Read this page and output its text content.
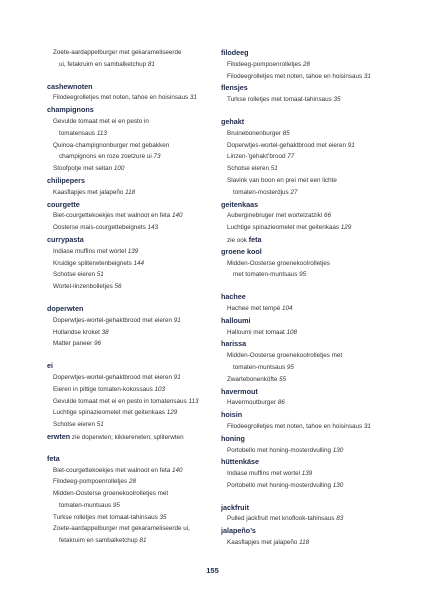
Zoete-aardappelburger met gekarameliseerde
ui, fetakruim en sambalketchup 81
cashewnoten
Filodeegrolletjes met noten, tahoe en hoisinsaus 31
champignons
Gevulde tomaat met ei en pesto in
tomatensaus 113
Quinoa-champignonburger met gebakken
champignons en roze zoetzure ui 73
Stoofpotje met seitan 100
chilipepers
Kaasflapjes met jalapeño 118
courgette
Biet-courgettekoekjes met walnoot en feta 140
Oosterse mais-courgettebeignets 143
currypasta
Indiase muffins met wortel 139
Kruidige spliterwtenbeignets 144
Schotse eieren 51
Wortel-linzenbolletjes 56
doperwten
Doperwtjes-wortel-gehaktbrood met eieren 91
Hollandse kroket 38
Matter paneer 96
ei
Doperwtjes-wortel-gehaktbrood met eieren 91
Eieren in pittige tomaten-kokossaus 103
Gevulde tomaat met ei en pesto in tomatensaus 113
Luchtige spinazieomelet met geitenkaas 129
Schotse eieren 51
erwten zie doperwten; kikkererwten; spliterwten
feta
Biet-courgettekoekjes met walnoot en feta 140
Filodeeg-pompoenrolletjes 28
Midden-Oosterse groenekoolrolletjes met
tomaten-muntsaus 95
Turkse rolletjes met tomaat-tahinsaus 35
Zoete-aardappelburger met gekarameliseerde ui,
fetakruim en sambalketchup 81
filodeeg
Filodeeg-pompoenrolletjes 28
Filodeegrolletjes met noten, tahoe en hoisinsaus 31
flensjes
Turkse rolletjes met tomaat-tahinsaus 35
gehakt
Bruinebonenburger 85
Doperwtjes-wortel-gehaktbrood met eieren 91
Linzen-’gehakt’brood 77
Schotse eieren 51
Slavink van boon en prei met een lichte
tomaten-mosterdjus 27
geitenkaas
Auberginebruger met wortelzatziki 66
Luchtige spinazieomelet met geitenkaas 129
zie ook feta
groene kool
Midden-Oosterse groenekoolrolletjes
met tomaten-muntsaus 95
hachee
Hachee met tempé 104
halloumi
Halloumi met tomaat 108
harissa
Midden-Oosterse groenekoolrolletjes met
tomaten-muntsaus 95
Zwartebonenköfte 55
havermout
Havermoutburger 86
hoisin
Filodeegrolletjes met noten, tahoe en hoisinsaus 31
honing
Portobello met honing-mosterdvulling 130
hüttenkäse
Indiase muffins met wortel 139
Portobello met honing-mosterdvulling 130
jackfruit
Pulled jackfruit met knoflook-tahinsaus 83
jalapeño’s
Kaasflapjes met jalapeño 118
155
